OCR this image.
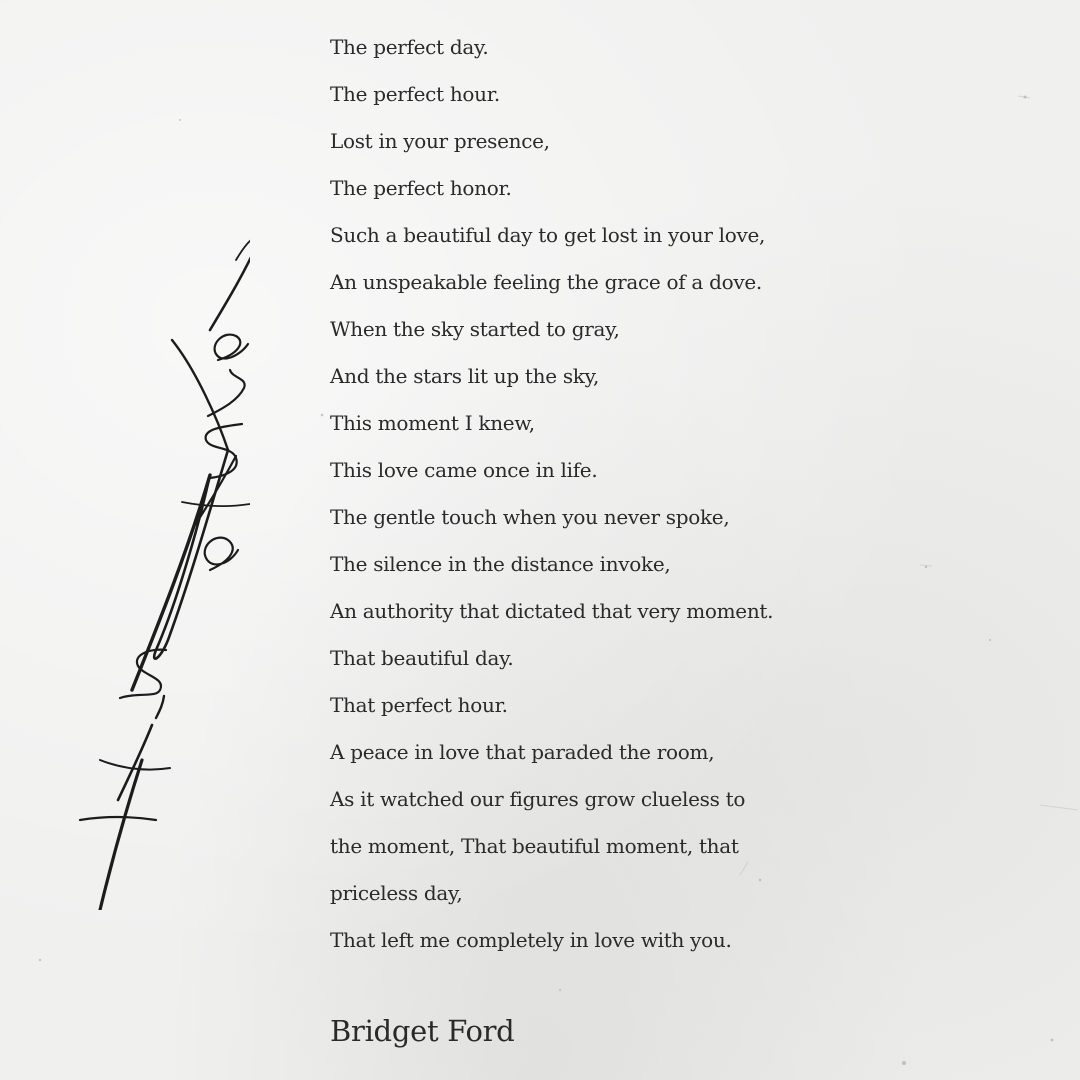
The perfect day.
The perfect hour.
Lost in your presence,
The perfect honor.
Such a beautiful day to get lost in your love,
An unspeakable feeling the grace of a dove.
When the sky started to gray,
And the stars lit up the sky,
This moment I knew,
This love came once in life.
The gentle touch when you never spoke,
The silence in the distance invoke,
An authority that dictated that very moment.
That beautiful day.
That perfect hour.
A peace in love that paraded the room,
As it watched our figures grow clueless to
the moment, That beautiful moment, that
priceless day,
That left me completely in love with you.
Bridget Ford
